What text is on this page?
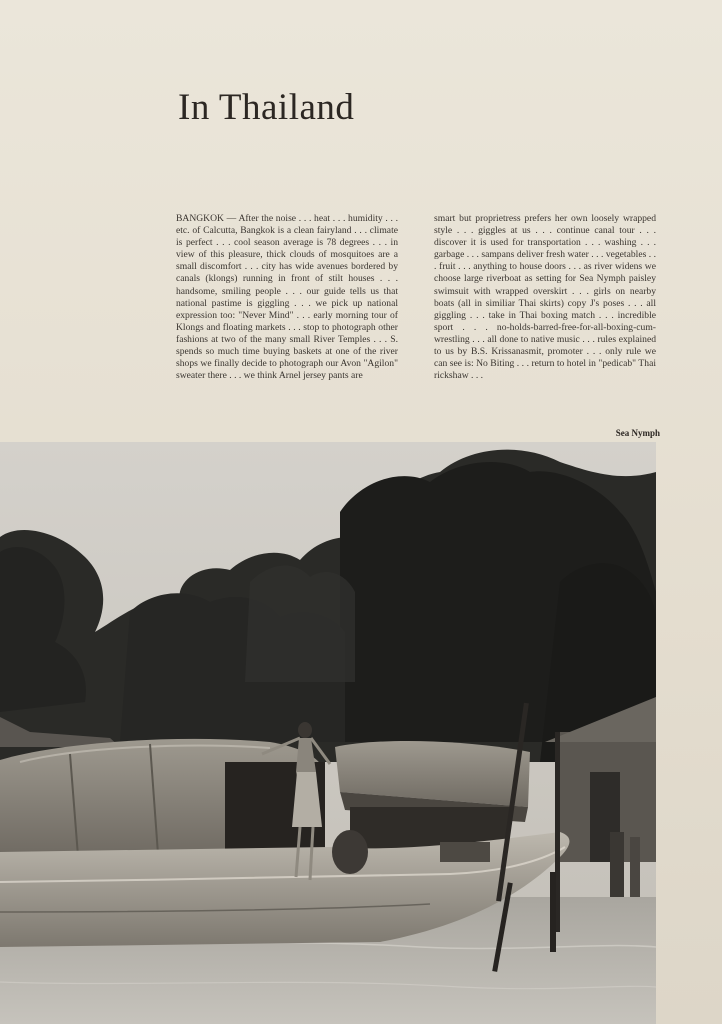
In Thailand

BANGKOK — After the noise . . . heat . . . humidity . . . etc. of Calcutta, Bangkok is a clean fairyland . . . climate is perfect . . . cool season average is 78 degrees . . . in view of this pleasure, thick clouds of mosquitoes are a small discomfort . . . city has wide avenues bordered by canals (klongs) running in front of stilt houses . . . handsome, smiling people . . . our guide tells us that national pastime is giggling . . . we pick up national expression too: "Never Mind" . . . early morning tour of Klongs and floating markets . . . stop to photograph other fashions at two of the many small River Temples . . . S. spends so much time buying baskets at one of the river shops we finally decide to photograph our Avon "Agilon" sweater there . . . we think Arnel jersey pants are

smart but proprietress prefers her own loosely wrapped style . . . giggles at us . . . continue canal tour . . . discover it is used for transportation . . . washing . . . garbage . . . sampans deliver fresh water . . . vegetables . . . fruit . . . anything to house doors . . . as river widens we choose large riverboat as setting for Sea Nymph paisley swimsuit with wrapped overskirt . . . girls on nearby boats (all in similiar Thai skirts) copy J's poses . . . all giggling . . . take in Thai boxing match . . . incredible sport . . . no-holds-barred-free-for-all-boxing-cum-wrestling . . . all done to native music . . . rules explained to us by B.S. Krissanasmit, promoter . . . only rule we can see is: No Biting . . . return to hotel in "pedicab" Thai rickshaw . . .

Sea Nymph
